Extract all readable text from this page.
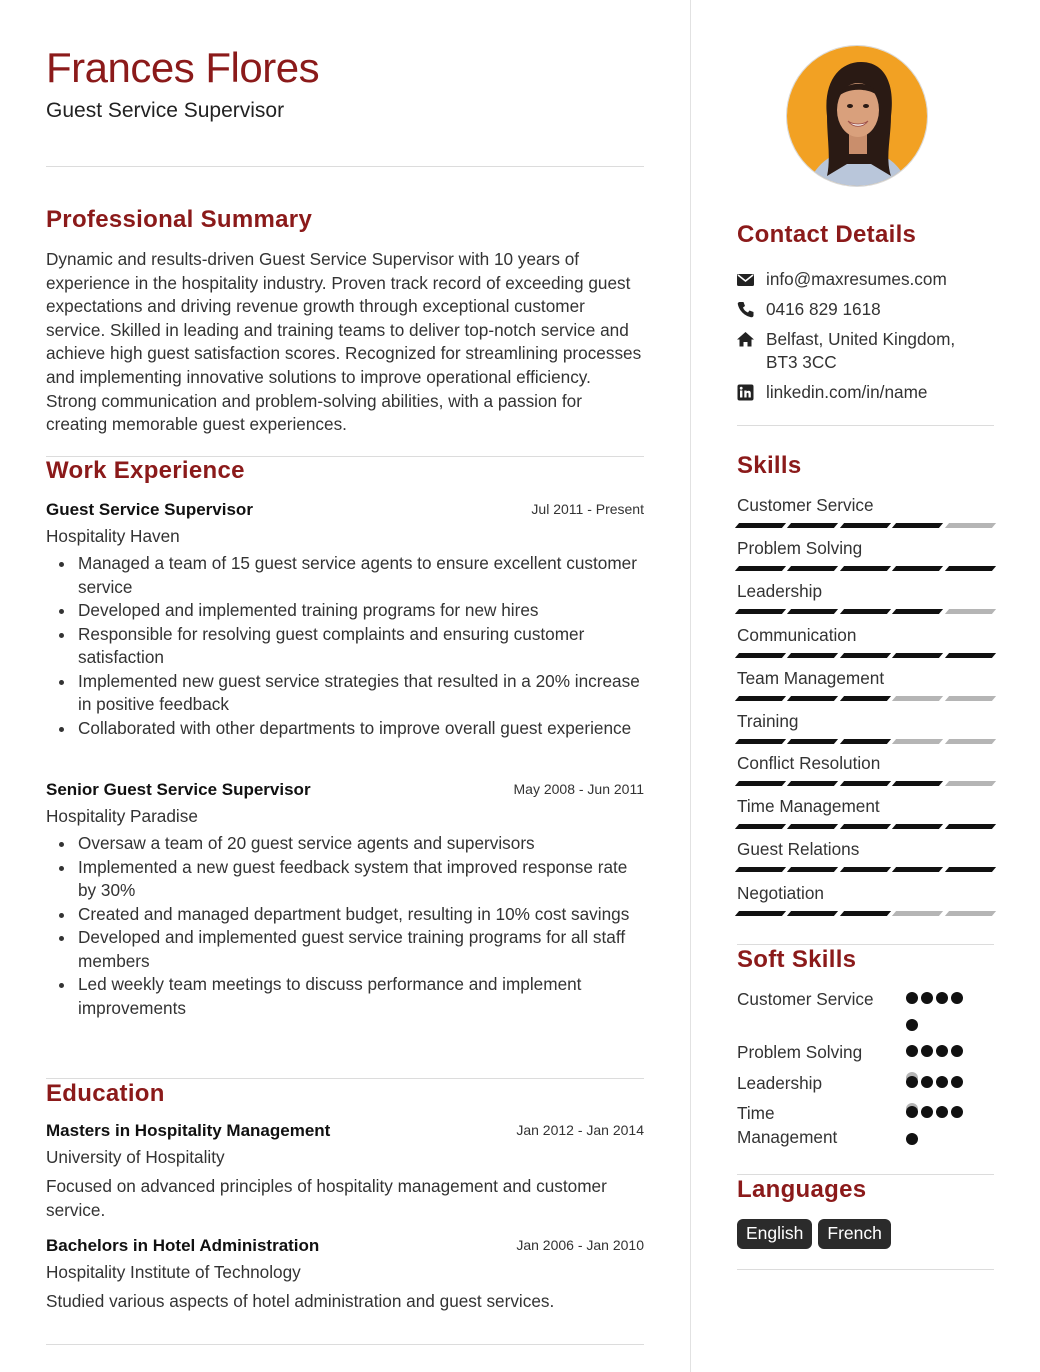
Frances Flores
Guest Service Supervisor
Professional Summary

Dynamic and results-driven Guest Service Supervisor with 10 years of experience in the hospitality industry. Proven track record of exceeding guest expectations and driving revenue growth through exceptional customer service. Skilled in leading and training teams to deliver top-notch service and achieve high guest satisfaction scores. Recognized for streamlining processes and implementing innovative solutions to improve operational efficiency. Strong communication and problem-solving abilities, with a passion for creating memorable guest experiences.

Work Experience
Guest Service Supervisor	Jul 2011 - Present
Hospitality Haven
Managed a team of 15 guest service agents to ensure excellent customer service
Developed and implemented training programs for new hires
Responsible for resolving guest complaints and ensuring customer satisfaction
Implemented new guest service strategies that resulted in a 20% increase in positive feedback
Collaborated with other departments to improve overall guest experience
Senior Guest Service Supervisor	May 2008 - Jun 2011
Hospitality Paradise
Oversaw a team of 20 guest service agents and supervisors
Implemented a new guest feedback system that improved response rate by 30%
Created and managed department budget, resulting in 10% cost savings
Developed and implemented guest service training programs for all staff members
Led weekly team meetings to discuss performance and implement improvements
Education
Masters in Hospitality Management	Jan 2012 - Jan 2014
University of Hospitality
Focused on advanced principles of hospitality management and customer service.
Bachelors in Hotel Administration	Jan 2006 - Jan 2010
Hospitality Institute of Technology
Studied various aspects of hotel administration and guest services.
Contact Details
info@maxresumes.com
0416 829 1618
Belfast, United Kingdom, BT3 3CC
linkedin.com/in/name
Skills
Customer Service
Problem Solving
Leadership
Communication
Team Management
Training
Conflict Resolution
Time Management
Guest Relations
Negotiation
Soft Skills
Customer Service
Problem Solving
Leadership
Time Management
Languages
English	French
